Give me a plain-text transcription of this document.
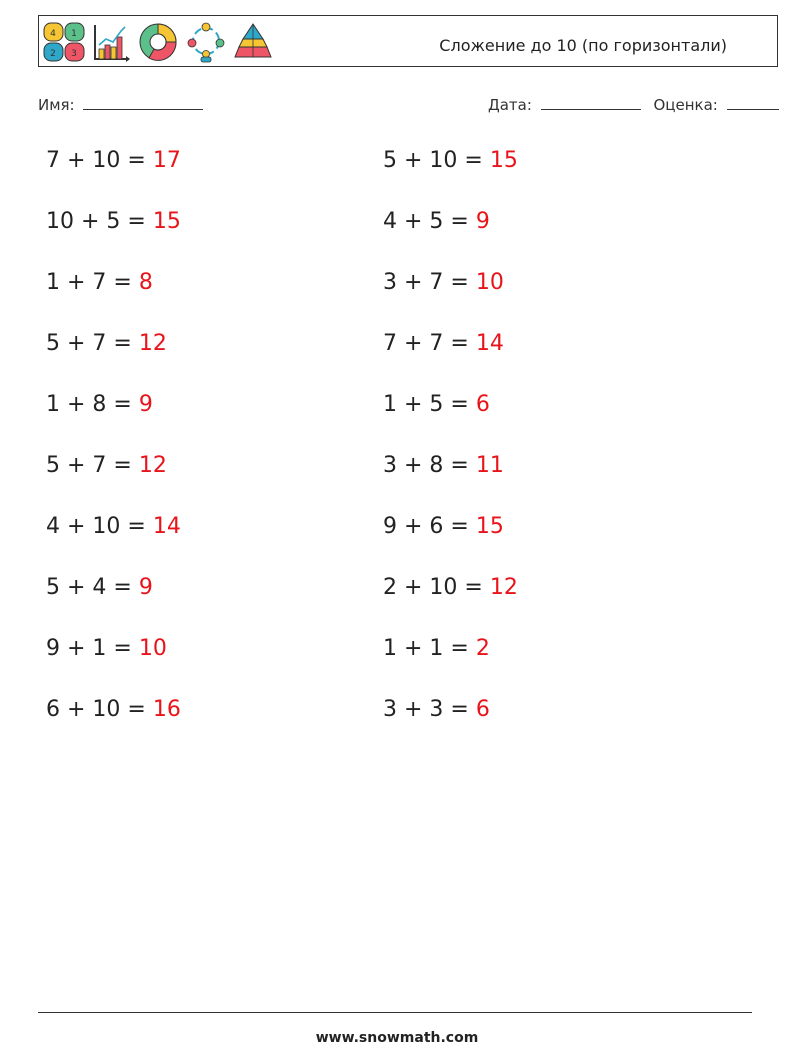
4 1
2 3	Сложение до 10 (по горизонтали)
Имя:	Дата:	Оценка:
7 + 10 = 17
10 + 5 = 15
1 + 7 = 8
5 + 7 = 12
1 + 8 = 9
5 + 7 = 12
4 + 10 = 14
5 + 4 = 9
9 + 1 = 10
6 + 10 = 16
5 + 10 = 15
4 + 5 = 9
3 + 7 = 10
7 + 7 = 14
1 + 5 = 6
3 + 8 = 11
9 + 6 = 15
2 + 10 = 12
1 + 1 = 2
3 + 3 = 6
www.snowmath.com
